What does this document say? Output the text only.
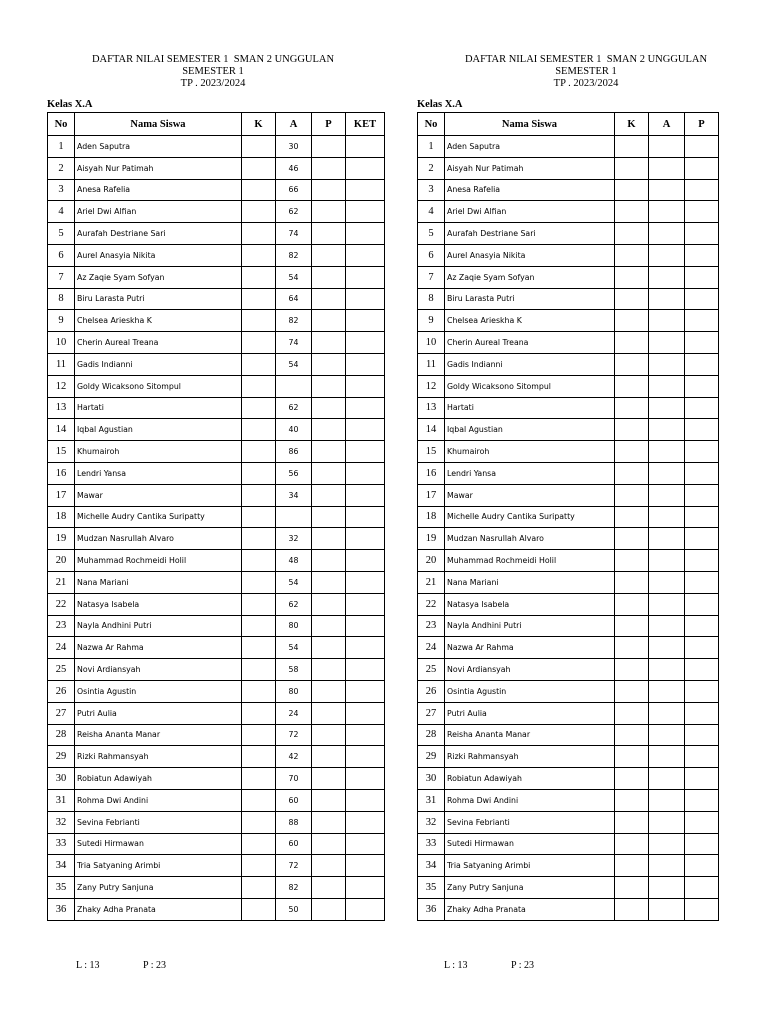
DAFTAR NILAI SEMESTER 1  SMAN 2 UNGGULAN
SEMESTER 1
TP . 2023/2024
Kelas X.A
No	Nama Siswa	K	A	P	KET
1	Aden Saputra		30		
2	Aisyah Nur Patimah		46		
3	Anesa Rafelia		66		
4	Ariel Dwi Alfian		62		
5	Aurafah Destriane Sari		74		
6	Aurel Anasyia Nikita		82		
7	Az Zaqie Syam Sofyan		54		
8	Biru Larasta Putri		64		
9	Chelsea Arieskha K		82		
10	Cherin Aureal Treana		74		
11	Gadis Indianni		54		
12	Goldy Wicaksono Sitompul				
13	Hartati		62		
14	Iqbal Agustian		40		
15	Khumairoh		86		
16	Lendri Yansa		56		
17	Mawar		34		
18	Michelle Audry Cantika Suripatty				
19	Mudzan Nasrullah Alvaro		32		
20	Muhammad Rochmeidi Holil		48		
21	Nana Mariani		54		
22	Natasya Isabela		62		
23	Nayla Andhini Putri		80		
24	Nazwa Ar Rahma		54		
25	Novi Ardiansyah		58		
26	Osintia Agustin		80		
27	Putri Aulia		24		
28	Reisha Ananta Manar		72		
29	Rizki Rahmansyah		42		
30	Robiatun Adawiyah		70		
31	Rohma Dwi Andini		60		
32	Sevina Febrianti		88		
33	Sutedi Hirmawan		60		
34	Tria Satyaning Arimbi		72		
35	Zany Putry Sanjuna		82		
36	Zhaky Adha Pranata		50		
L : 13	P : 23
DAFTAR NILAI SEMESTER 1  SMAN 2 UNGGULAN
SEMESTER 1
TP . 2023/2024
Kelas X.A
No	Nama Siswa	K	A	P
1	Aden Saputra			
2	Aisyah Nur Patimah			
3	Anesa Rafelia			
4	Ariel Dwi Alfian			
5	Aurafah Destriane Sari			
6	Aurel Anasyia Nikita			
7	Az Zaqie Syam Sofyan			
8	Biru Larasta Putri			
9	Chelsea Arieskha K			
10	Cherin Aureal Treana			
11	Gadis Indianni			
12	Goldy Wicaksono Sitompul			
13	Hartati			
14	Iqbal Agustian			
15	Khumairoh			
16	Lendri Yansa			
17	Mawar			
18	Michelle Audry Cantika Suripatty			
19	Mudzan Nasrullah Alvaro			
20	Muhammad Rochmeidi Holil			
21	Nana Mariani			
22	Natasya Isabela			
23	Nayla Andhini Putri			
24	Nazwa Ar Rahma			
25	Novi Ardiansyah			
26	Osintia Agustin			
27	Putri Aulia			
28	Reisha Ananta Manar			
29	Rizki Rahmansyah			
30	Robiatun Adawiyah			
31	Rohma Dwi Andini			
32	Sevina Febrianti			
33	Sutedi Hirmawan			
34	Tria Satyaning Arimbi			
35	Zany Putry Sanjuna			
36	Zhaky Adha Pranata			
L : 13	P : 23
